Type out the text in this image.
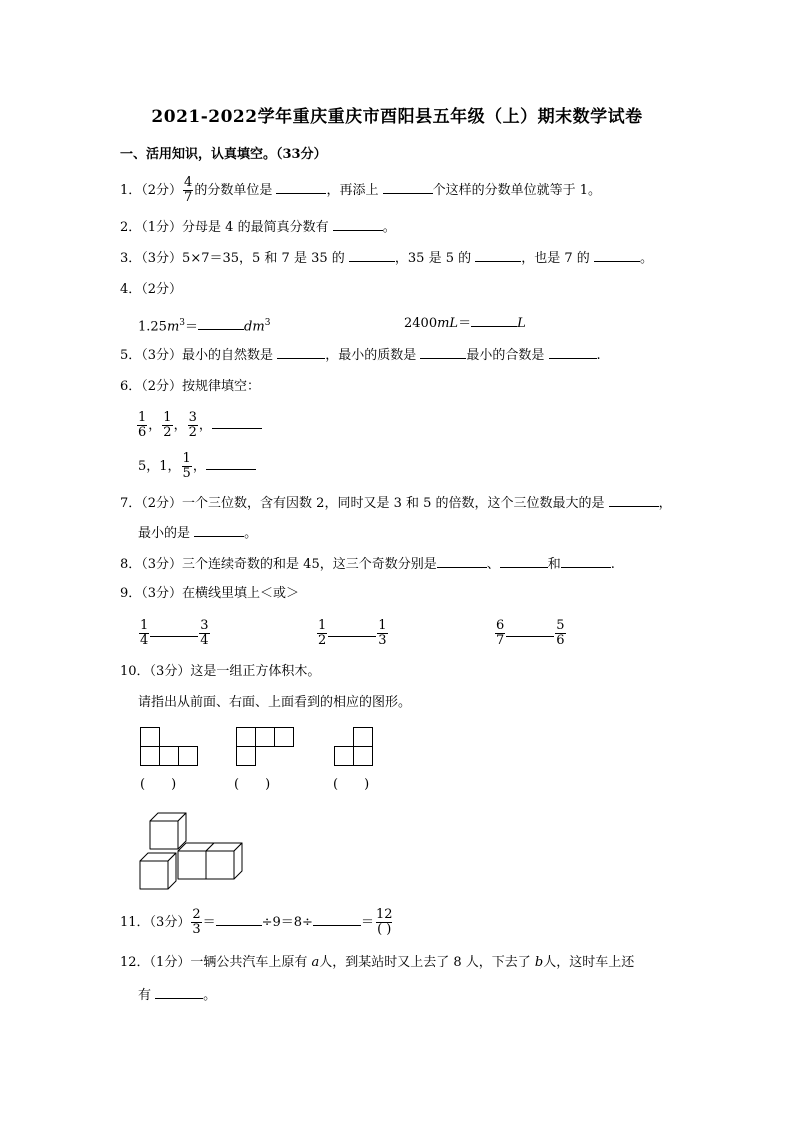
2021-2022学年重庆重庆市酉阳县五年级（上）期末数学试卷
一、活用知识，认真填空。（33分）
1．（2分） $\frac{4}{7}$ 的分数单位是	，再添上	个这样的分数单位就等于 1。
2．（1分）分母是 4 的最简真分数有	。
3．（3分）5×7＝35，5 和 7 是 35 的	，35 是 5 的	，也是 7 的	。
4．（2分）
$1.25m^3=$	$dm^3$	2400mL＝	L
5．（3分）最小的自然数是	，最小的质数是	最小的合数是	.
6．（2分）按规律填空：
$\frac{1}{6}$ ， $\frac{1}{2}$ ， $\frac{3}{2}$ ，
5，1， $\frac{1}{5}$ ，
7．（2分）一个三位数，含有因数 2，同时又是 3 和 5 的倍数，这个三位数最大的是	，
最小的是	。
8．（3分）三个连续奇数的和是 45，这三个奇数分别是	、	和	.
9．（3分）在横线里填上＜或＞
$\frac{1}{4}$	$\frac{3}{4}$	$\frac{1}{2}$	$\frac{1}{3}$	$\frac{6}{7}$	$\frac{5}{6}$
10．（3分）这是一组正方体积木。
请指出从前面、右面、上面看到的相应的图形。
(　　)	(　　)	(　　)
11．（3分） $\frac{2}{3}$ ＝	÷9＝8÷	＝ $\frac{12}{( )}$
12．（1分）一辆公共汽车上原有 a人，到某站时又上去了 8 人，下去了 b人，这时车上还
有	。
